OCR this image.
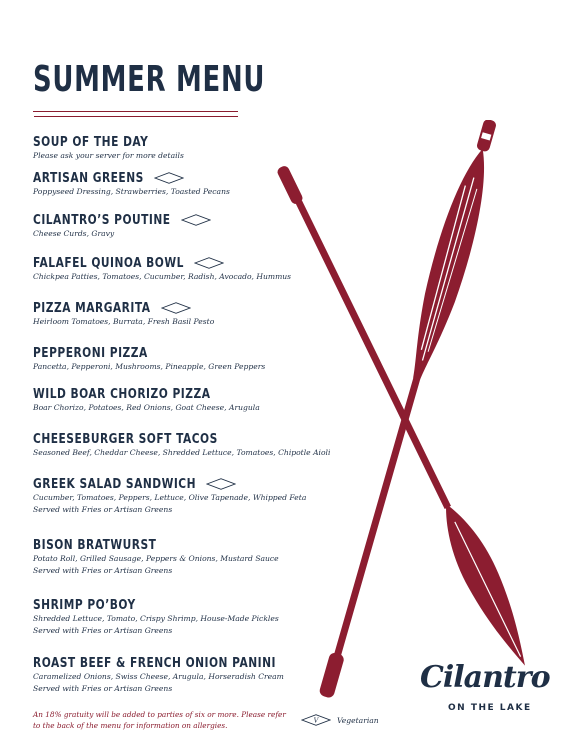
SUMMER MENU
SOUP OF THE DAY
Please ask your server for more details
ARTISAN GREENS
Poppyseed Dressing, Strawberries, Toasted Pecans
CILANTRO’S POUTINE
Cheese Curds, Gravy
FALAFEL QUINOA BOWL
Chickpea Patties, Tomatoes, Cucumber, Radish, Avocado, Hummus
PIZZA MARGARITA
Heirloom Tomatoes, Burrata, Fresh Basil Pesto
PEPPERONI PIZZA
Pancetta, Pepperoni, Mushrooms, Pineapple, Green Peppers
WILD BOAR CHORIZO PIZZA
Boar Chorizo, Potatoes, Red Onions, Goat Cheese, Arugula
CHEESEBURGER SOFT TACOS
Seasoned Beef, Cheddar Cheese, Shredded Lettuce, Tomatoes, Chipotle Aioli
GREEK SALAD SANDWICH
Cucumber, Tomatoes, Peppers, Lettuce, Olive Tapenade, Whipped Feta
Served with Fries or Artisan Greens
BISON BRATWURST
Potato Roll, Grilled Sausage, Peppers & Onions, Mustard Sauce
Served with Fries or Artisan Greens
SHRIMP PO’BOY
Shredded Lettuce, Tomato, Crispy Shrimp, House-Made Pickles
Served with Fries or Artisan Greens
ROAST BEEF & FRENCH ONION PANINI
Caramelized Onions, Swiss Cheese, Arugula, Horseradish Cream
Served with Fries or Artisan Greens
An 18% gratuity will be added to parties of six or more. Please refer to the back of the menu for information on allergies.
V Vegetarian
Cilantro
ON THE LAKE
